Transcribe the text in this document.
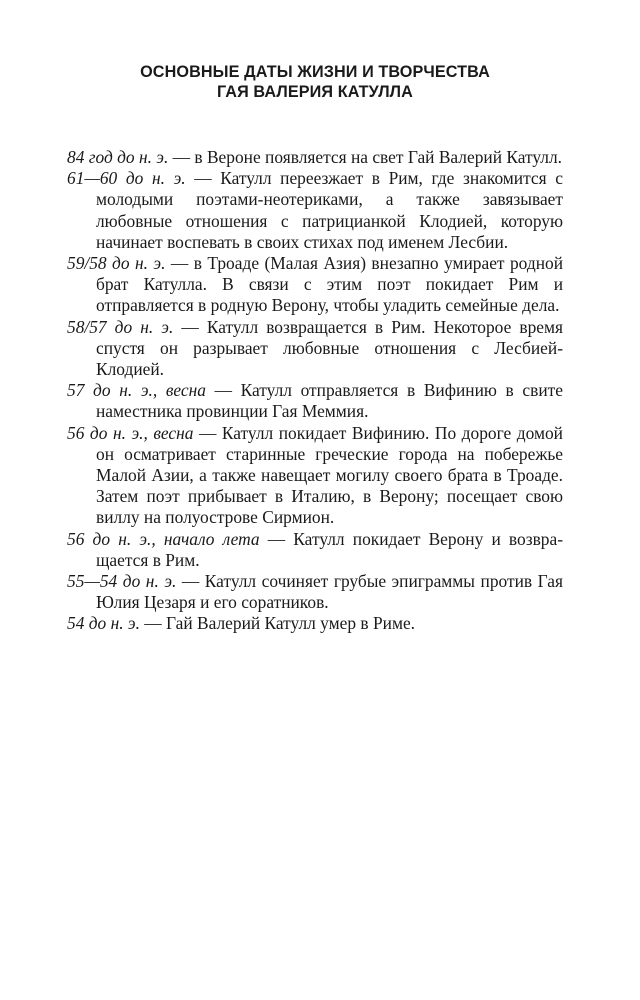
ОСНОВНЫЕ ДАТЫ ЖИЗНИ И ТВОРЧЕСТВА
ГАЯ ВАЛЕРИЯ КАТУЛЛА

84 год до н. э. — в Вероне появляется на свет Гай Валерий Катулл.

61—60 до н. э. — Катулл переезжает в Рим, где знакомится с молодыми поэтами-неотериками, а также завязывает любовные отношения с патрицианкой Клодией, которую начинает воспевать в своих стихах под именем Лесбии.

59/58 до н. э. — в Троаде (Малая Азия) внезапно умирает родной брат Катулла. В связи с этим поэт покидает Рим и отправляется в родную Верону, чтобы уладить семейные дела.

58/57 до н. э. — Катулл возвращается в Рим. Некоторое время спустя он разрывает любовные отношения с Лесбией-Клодией.

57 до н. э., весна — Катулл отправляется в Вифинию в свите наместника провинции Гая Меммия.

56 до н. э., весна — Катулл покидает Вифинию. По дороге домой он осматривает старинные греческие города на побережье Малой Азии, а также навещает могилу своего брата в Троаде. Затем поэт прибывает в Италию, в Верону; посещает свою виллу на полуострове Сирмион.

56 до н. э., начало лета — Катулл покидает Верону и возвращается в Рим.

55—54 до н. э. — Катулл сочиняет грубые эпиграммы против Гая Юлия Цезаря и его соратников.

54 до н. э. — Гай Валерий Катулл умер в Риме.
